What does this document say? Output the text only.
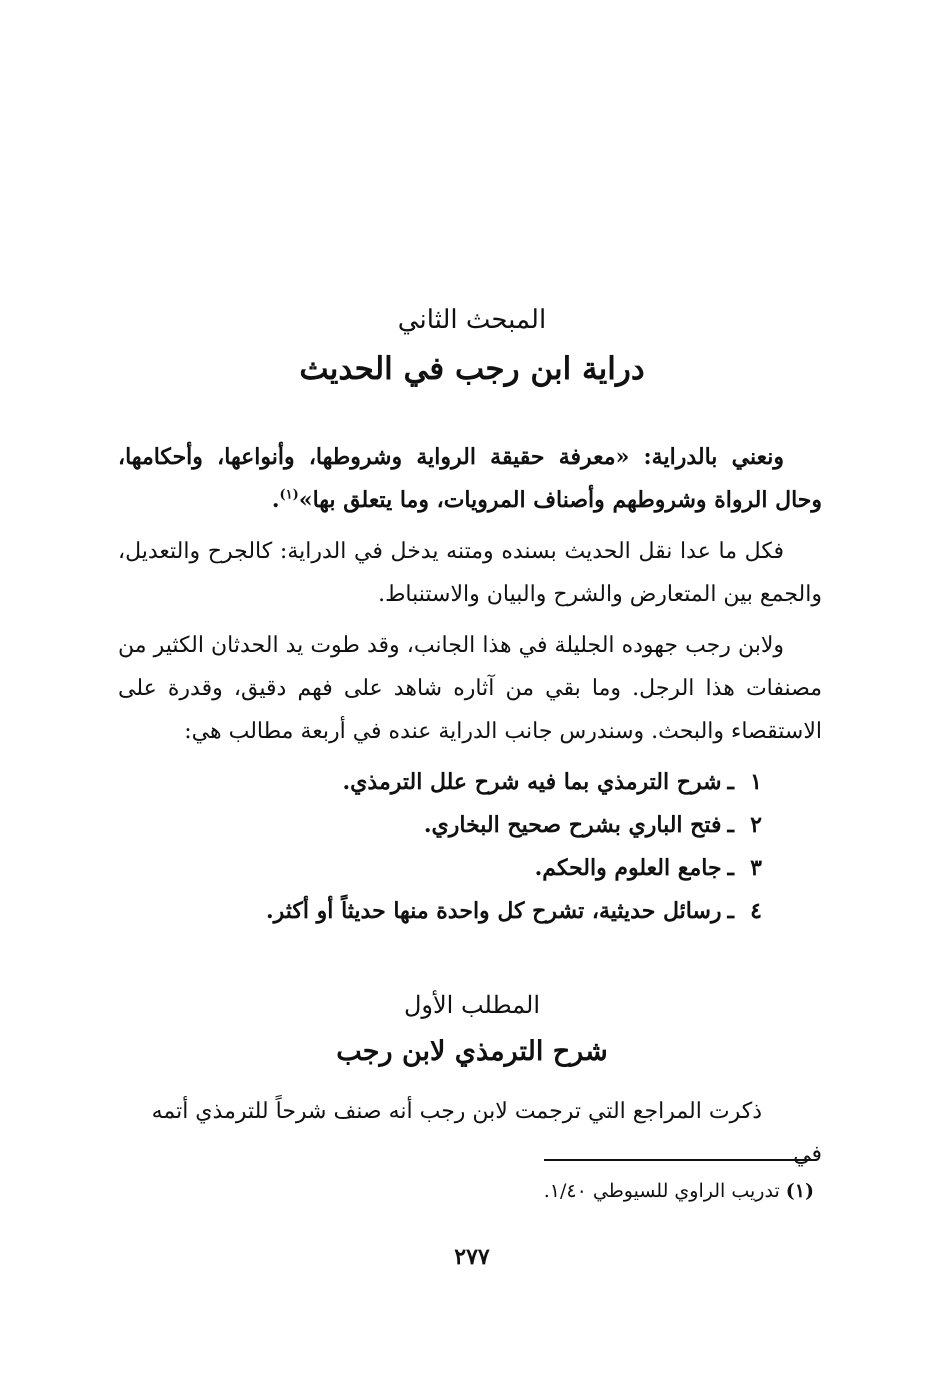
المبحث الثاني
دراية ابن رجب في الحديث

ونعني بالدراية: «معرفة حقيقة الرواية وشروطها، وأنواعها، وأحكامها، وحال الرواة وشروطهم وأصناف المرويات، وما يتعلق بها»$^{(١)}$.

فكل ما عدا نقل الحديث بسنده ومتنه يدخل في الدراية: كالجرح والتعديل، والجمع بين المتعارض والشرح والبيان والاستنباط.

ولابن رجب جهوده الجليلة في هذا الجانب، وقد طوت يد الحدثان الكثير من مصنفات هذا الرجل. وما بقي من آثاره شاهد على فهم دقيق، وقدرة على الاستقصاء والبحث. وسندرس جانب الدراية عنده في أربعة مطالب هي:

١ـشرح الترمذي بما فيه شرح علل الترمذي.
٢ـفتح الباري بشرح صحيح البخاري.
٣ـجامع العلوم والحكم.
٤ـرسائل حديثية، تشرح كل واحدة منها حديثاً أو أكثر.
المطلب الأول
شرح الترمذي لابن رجب

ذكرت المراجع التي ترجمت لابن رجب أنه صنف شرحاً للترمذي أتمه في

(١) تدريب الراوي للسيوطي ١/٤٠.

٢٧٧
